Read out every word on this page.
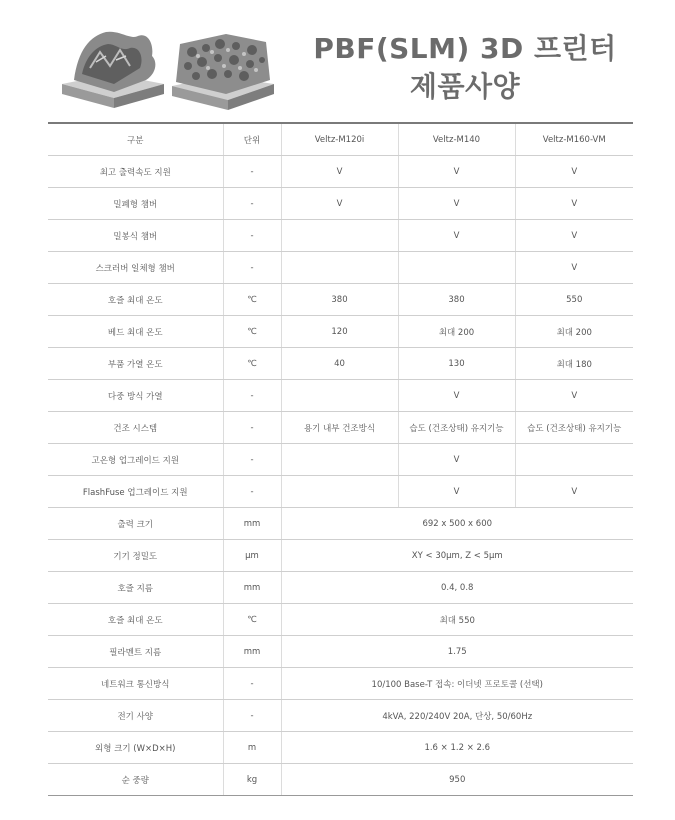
PBF(SLM) 3D 프린터
제품사양
구분	단위	Veltz-M120i	Veltz-M140	Veltz-M160-VM
최고 출력속도 지원	-	V	V	V
밀폐형 챔버	-	V	V	V
밀봉식 챔버	-		V	V
스크러버 일체형 챔버	-			V
호즐 최대 온도	℃	380	380	550
베드 최대 온도	℃	120	최대 200	최대 200
부품 가열 온도	℃	40	130	최대 180
다중 방식 가열	-		V	V
건조 시스템	-	용기 내부 건조방식	습도 (건조상태) 유지기능	습도 (건조상태) 유지기능
고온형 업그레이드 지원	-		V	
FlashFuse 업그레이드 지원	-		V	V
출력 크기	mm	692 x 500 x 600		
기기 정밀도	μm	XY < 30μm, Z < 5μm		
호즐 지름	mm	0.4, 0.8		
호즐 최대 온도	℃	최대 550		
필라멘트 지름	mm	1.75		
네트워크 통신방식	-	10/100 Base-T 접속: 이더넷 프로토콜 (선택)		
전기 사양	-	4kVA, 220/240V 20A, 단상, 50/60Hz		
외형 크기 (W×D×H)	m	1.6 × 1.2 × 2.6		
순 중량	kg	950		
